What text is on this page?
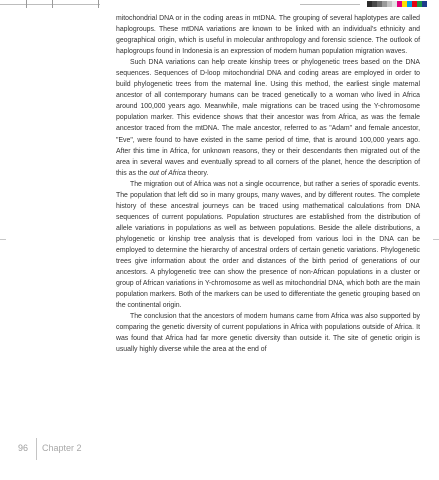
mitochondrial DNA or in the coding areas in mtDNA. The grouping of several haplotypes are called haplogroups. These mtDNA variations are known to be linked with an individual's ethnicity and geographical origin, which is useful in molecular anthropology and forensic science. The outlook of haplogroups found in Indonesia is an expression of modern human population migration waves.

Such DNA variations can help create kinship trees or phylogenetic trees based on the DNA sequences. Sequences of D-loop mitochondrial DNA and coding areas are employed in order to build phylogenetic trees from the maternal line. Using this method, the earliest single maternal ancestor of all contemporary humans can be traced genetically to a woman who lived in Africa around 100,000 years ago. Meanwhile, male migrations can be traced using the Y-chromosome population marker. This evidence shows that their ancestor was from Africa, as was the female ancestor traced from the mtDNA. The male ancestor, referred to as "Adam" and female ancestor, "Eve", were found to have existed in the same period of time, that is around 100,000 years ago. After this time in Africa, for unknown reasons, they or their descendants then migrated out of the area in several waves and eventually spread to all corners of the planet, hence the description of this as the out of Africa theory.

The migration out of Africa was not a single occurrence, but rather a series of sporadic events. The population that left did so in many groups, many waves, and by different routes. The complete history of these ancestral journeys can be traced using mathematical calculations from DNA sequences of current populations. Population structures are established from the distribution of allele variations in populations as well as between populations. Beside the allele distributions, a phylogenetic or kinship tree analysis that is developed from various loci in the DNA can be employed to determine the hierarchy of ancestral orders of certain genetic variations. Phylogenetic trees give information about the order and distances of the birth period of generations of our ancestors. A phylogenetic tree can show the presence of non-African populations in a cluster or group of African variations in Y-chromosome as well as mitochondrial DNA, which both are the main population markers. Both of the markers can be used to differentiate the genetic grouping based on the continental origin.

The conclusion that the ancestors of modern humans came from Africa was also supported by comparing the genetic diversity of current populations in Africa with populations outside of Africa. It was found that Africa had far more genetic diversity than outside it. The site of genetic origin is usually highly diverse while the area at the end of

96 Chapter 2
